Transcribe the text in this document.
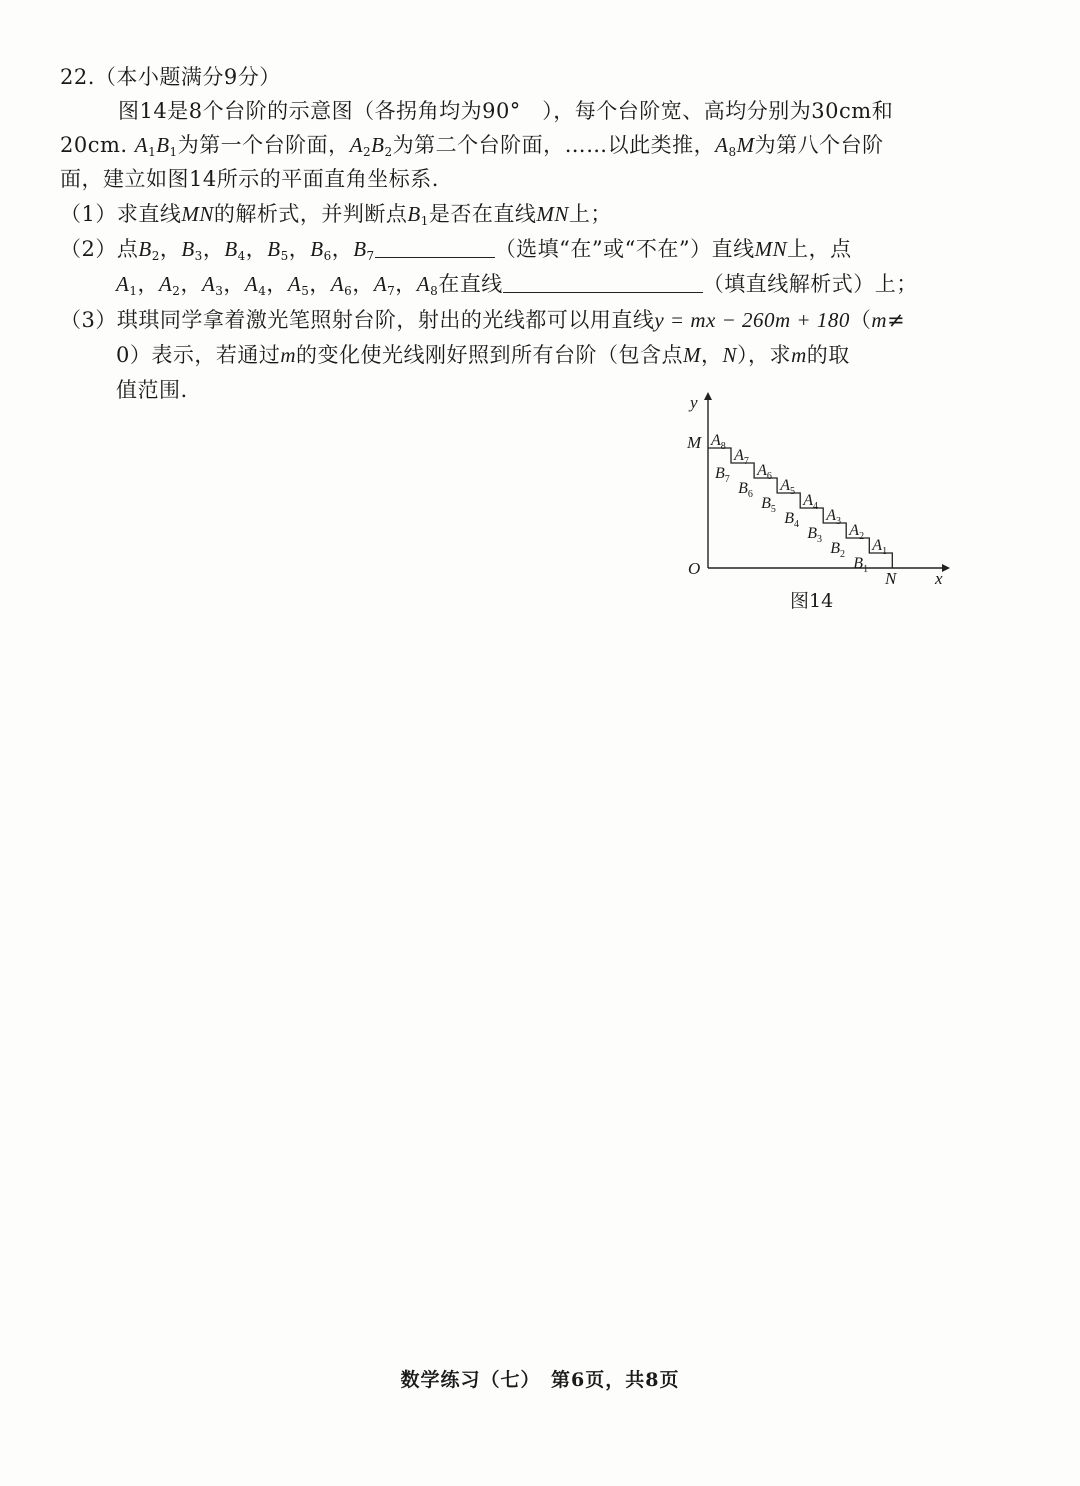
22.（本小题满分9分）
图14是8个台阶的示意图（各拐角均为90°　），每个台阶宽、高均分别为30cm和
20cm. $A_1B_1$为第一个台阶面，$A_2B_2$为第二个台阶面，……以此类推，$A_8M$为第八个台阶
面，建立如图14所示的平面直角坐标系.
（1）求直线MN的解析式，并判断点$B_1$是否在直线MN上；
（2）点$B_2$，$B_3$，$B_4$，$B_5$，$B_6$，$B_7$	（选填“在”或“不在”）直线MN上，点
$A_1$，$A_2$，$A_3$，$A_4$，$A_5$，$A_6$，$A_7$，$A_8$在直线	（填直线解析式）上；
（3）琪琪同学拿着激光笔照射台阶，射出的光线都可以用直线y = mx − 260m + 180（m≠
0）表示，若通过m的变化使光线刚好照到所有台阶（包含点M，N），求m的取
值范围.
O
x
y
M
N
$A_1$
$A_2$
$A_3$
$A_4$
$A_5$
$A_6$
$A_7$
$A_8$
$B_1$
$B_2$
$B_3$
$B_4$
$B_5$
$B_6$
$B_7$
图14
数学练习（七）　第6页，共8页
